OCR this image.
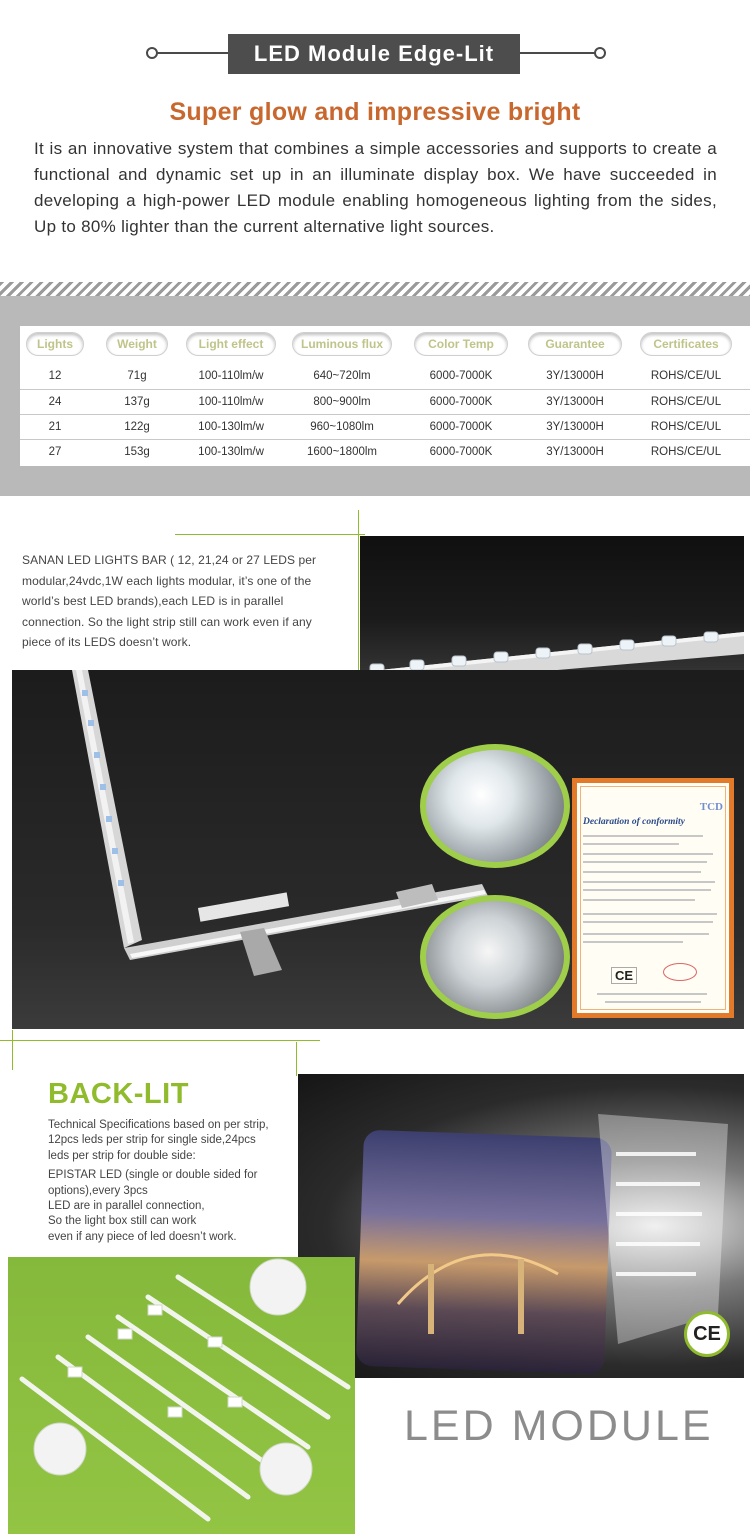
LED Module Edge-Lit
Super glow and impressive bright

It is an innovative system that combines a simple accessories and supports to create a functional and dynamic set up in an illuminate display box. We have succeeded in developing a high-power LED module enabling homogeneous lighting from the sides, Up to 80% lighter than the current alternative light sources.

Lights	Weight	Light effect	Luminous flux	Color Temp	Guarantee	Certificates
12	71g	100-110lm/w	640~720lm	6000-7000K	3Y/13000H	ROHS/CE/UL
24	137g	100-110lm/w	800~900lm	6000-7000K	3Y/13000H	ROHS/CE/UL
21	122g	100-130lm/w	960~1080lm	6000-7000K	3Y/13000H	ROHS/CE/UL
27	153g	100-130lm/w	1600~1800lm	6000-7000K	3Y/13000H	ROHS/CE/UL

SANAN LED LIGHTS BAR ( 12, 21,24 or 27 LEDS per modular,24vdc,1W each lights modular, it’s one of the world’s best LED brands),each LED is in parallel connection. So the light strip still can work even if any piece of its LEDS doesn’t work.

TCD
Declaration of conformity
CE
BACK-LIT
Technical Specifications based on per strip,
12pcs leds per strip for single side,24pcs
leds per strip for double side:
EPISTAR LED (single or double sided for
options),every 3pcs
LED are in parallel connection,
So the light box still can work
even if any piece of led doesn’t work.
CE
LED MODULE
